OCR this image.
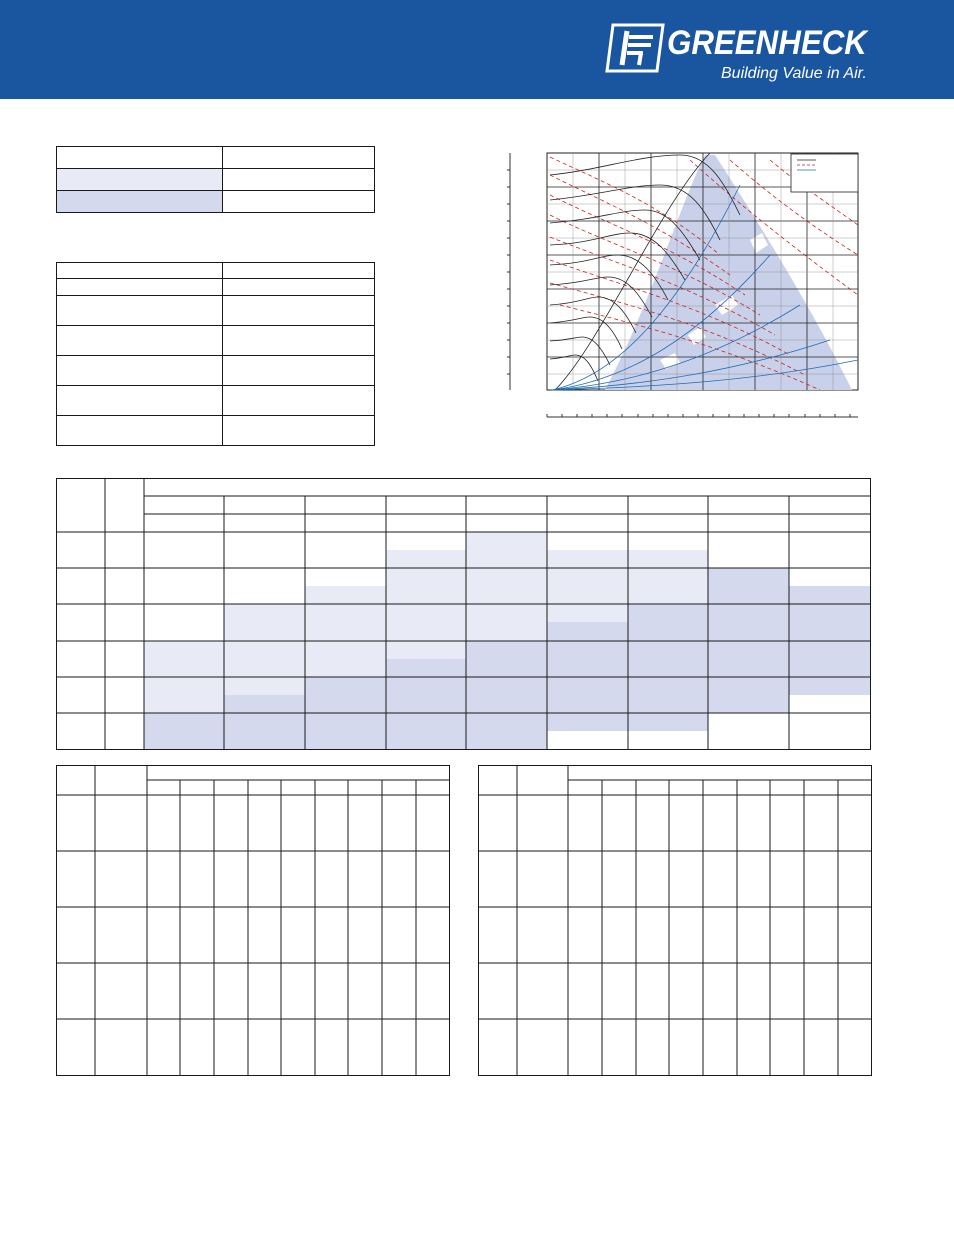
GREENHECK
Building Value in Air.
